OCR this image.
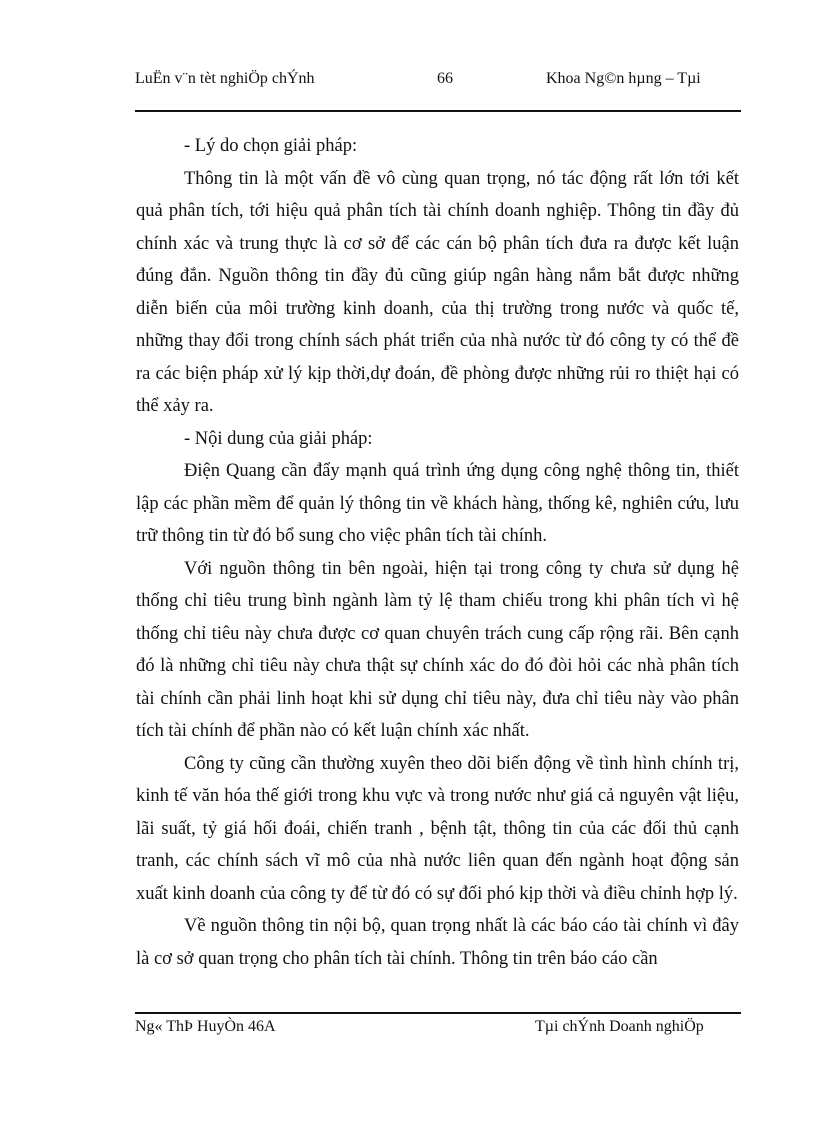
LuËn v¨n tèt nghiÖp chÝnh	66	Khoa Ng©n hµng – Tµi

- Lý do chọn giải pháp:

Thông tin là một vấn đề vô cùng quan trọng, nó tác động rất lớn tới kết quả phân tích, tới hiệu quả phân tích tài chính doanh nghiệp. Thông tin đầy đủ chính xác và trung thực là cơ sở để các cán bộ phân tích đưa ra được kết luận đúng đắn. Nguồn thông tin đầy đủ cũng giúp ngân hàng nắm bắt được những diễn biến của môi trường kinh doanh, của thị trường trong nước và quốc tế, những thay đổi trong chính sách phát triển của nhà nước từ đó công ty có thể đề ra các biện pháp xử lý kịp thời,dự đoán, đề phòng được những rủi ro thiệt hại có thể xảy ra.

- Nội dung của giải pháp:

Điện Quang cần đẩy mạnh quá trình ứng dụng công nghệ thông tin, thiết lập các phần mềm để quản lý thông tin về khách hàng, thống kê, nghiên cứu, lưu trữ thông tin từ đó bổ sung cho việc phân tích tài chính.

Với nguồn thông tin bên ngoài, hiện tại trong công ty chưa sử dụng hệ thống chỉ tiêu trung bình ngành làm tỷ lệ tham chiếu trong khi phân tích vì hệ thống chỉ tiêu này chưa được cơ quan chuyên trách cung cấp rộng rãi. Bên cạnh đó là những chỉ tiêu này chưa thật sự chính xác do đó đòi hỏi các nhà phân tích tài chính cần phải linh hoạt khi sử dụng chỉ tiêu này, đưa chỉ tiêu này vào phân tích tài chính để phần nào có kết luận chính xác nhất.

Công ty cũng cần thường xuyên theo dõi biến động về tình hình chính trị, kinh tế văn hóa thế giới trong khu vực và trong nước như giá cả nguyên vật liệu, lãi suất, tỷ giá hối đoái, chiến tranh , bệnh tật, thông tin của các đối thủ cạnh tranh, các chính sách vĩ mô của nhà nước liên quan đến ngành hoạt động sản xuất kinh doanh của công ty để từ đó có sự đối phó kịp thời và điều chỉnh hợp lý.

Về nguồn thông tin nội bộ, quan trọng nhất là các báo cáo tài chính vì đây là cơ sở quan trọng cho phân tích tài chính. Thông tin trên báo cáo cần

Ng« ThÞ HuyÒn 46A	Tµi chÝnh Doanh nghiÖp
